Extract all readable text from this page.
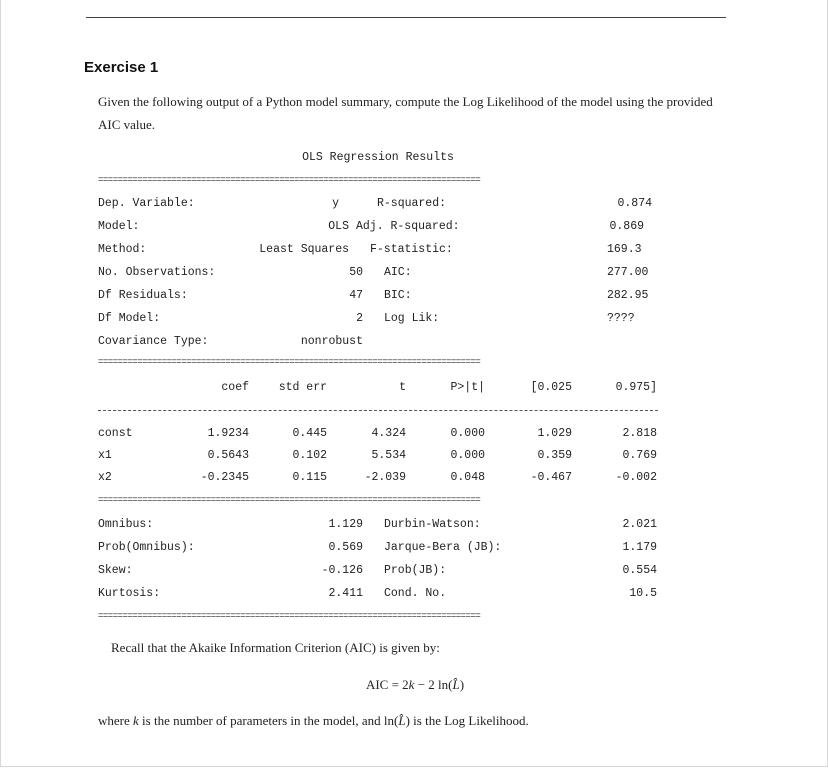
Exercise 1
Given the following output of a Python model summary, compute the Log Likelihood of the model using the provided AIC value.
OLS Regression Results
==============================================================================
Dep. Variable:	y	R-squared:	0.874
Model:	OLS Adj. R-squared:	0.869
Method:	Least Squares F-statistic:	169.3
No. Observations:	50 AIC:	277.00
Df Residuals:	47 BIC:	282.95
Df Model:	2 Log Lik:	????
Covariance Type:	nonrobust
==============================================================================
coef	std err	t	P>|t|	[0.025	0.975]
const	1.9234	0.445	4.324	0.000	1.029	2.818
x1	0.5643	0.102	5.534	0.000	0.359	0.769
x2	-0.2345	0.115	-2.039	0.048	-0.467	-0.002
==============================================================================
Omnibus:	1.129 Durbin-Watson:	2.021
Prob(Omnibus):	0.569 Jarque-Bera (JB):	1.179
Skew:	-0.126 Prob(JB):	0.554
Kurtosis:	2.411 Cond. No.	10.5
==============================================================================
Recall that the Akaike Information Criterion (AIC) is given by:
AIC = 2k − 2 ln(L̂)
where k is the number of parameters in the model, and ln(L̂) is the Log Likelihood.
